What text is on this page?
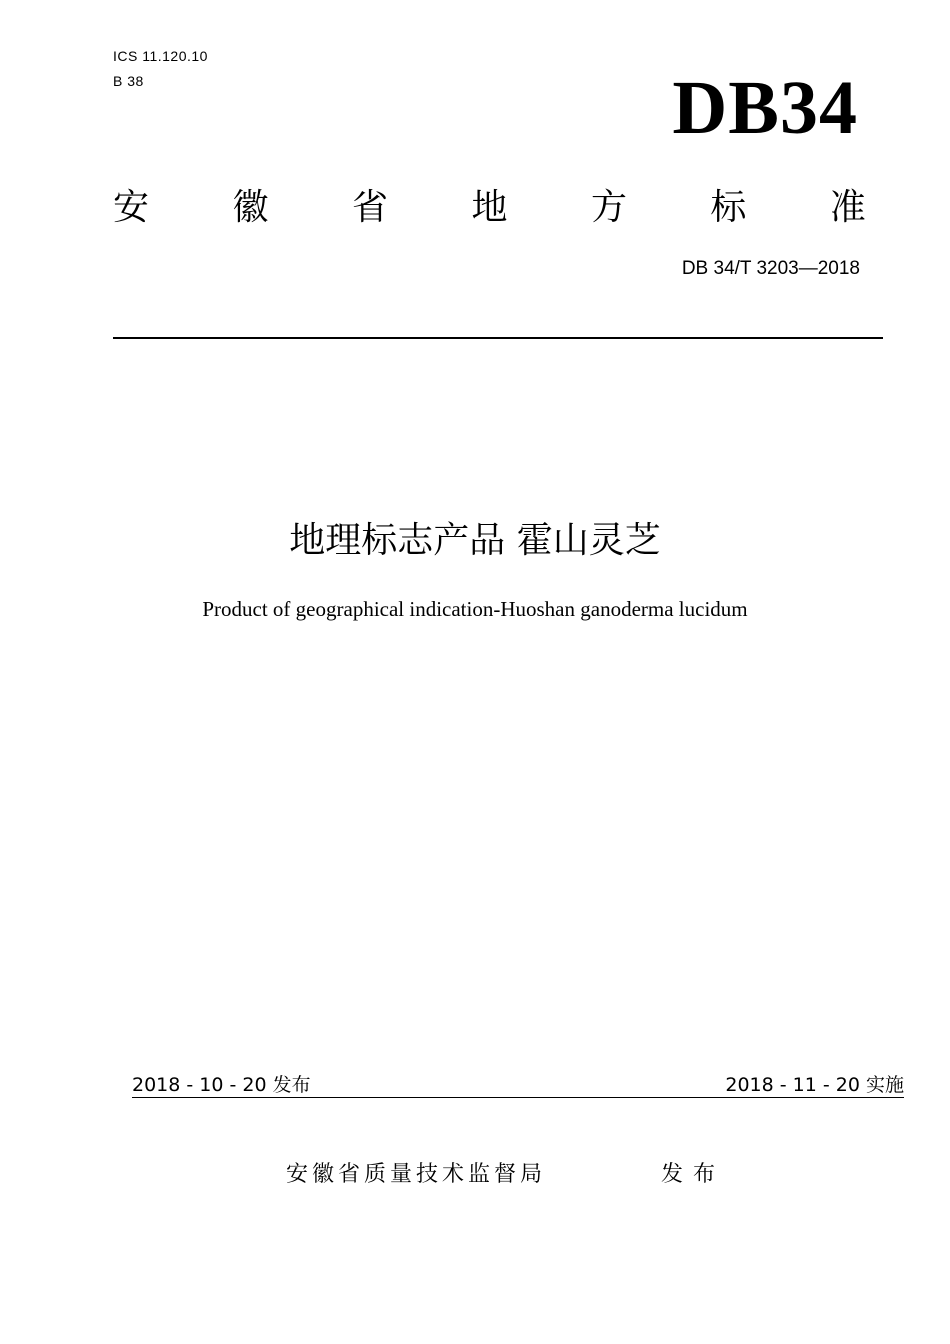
ICS 11.120.10
B 38	DB34
安 徽 省 地 方 标 准
DB 34/T 3203—2018
地理标志产品 霍山灵芝
Product of geographical indication-Huoshan ganoderma lucidum
2018 - 10 - 20 发布	2018 - 11 - 20 实施
安徽省质量技术监督局	发布
